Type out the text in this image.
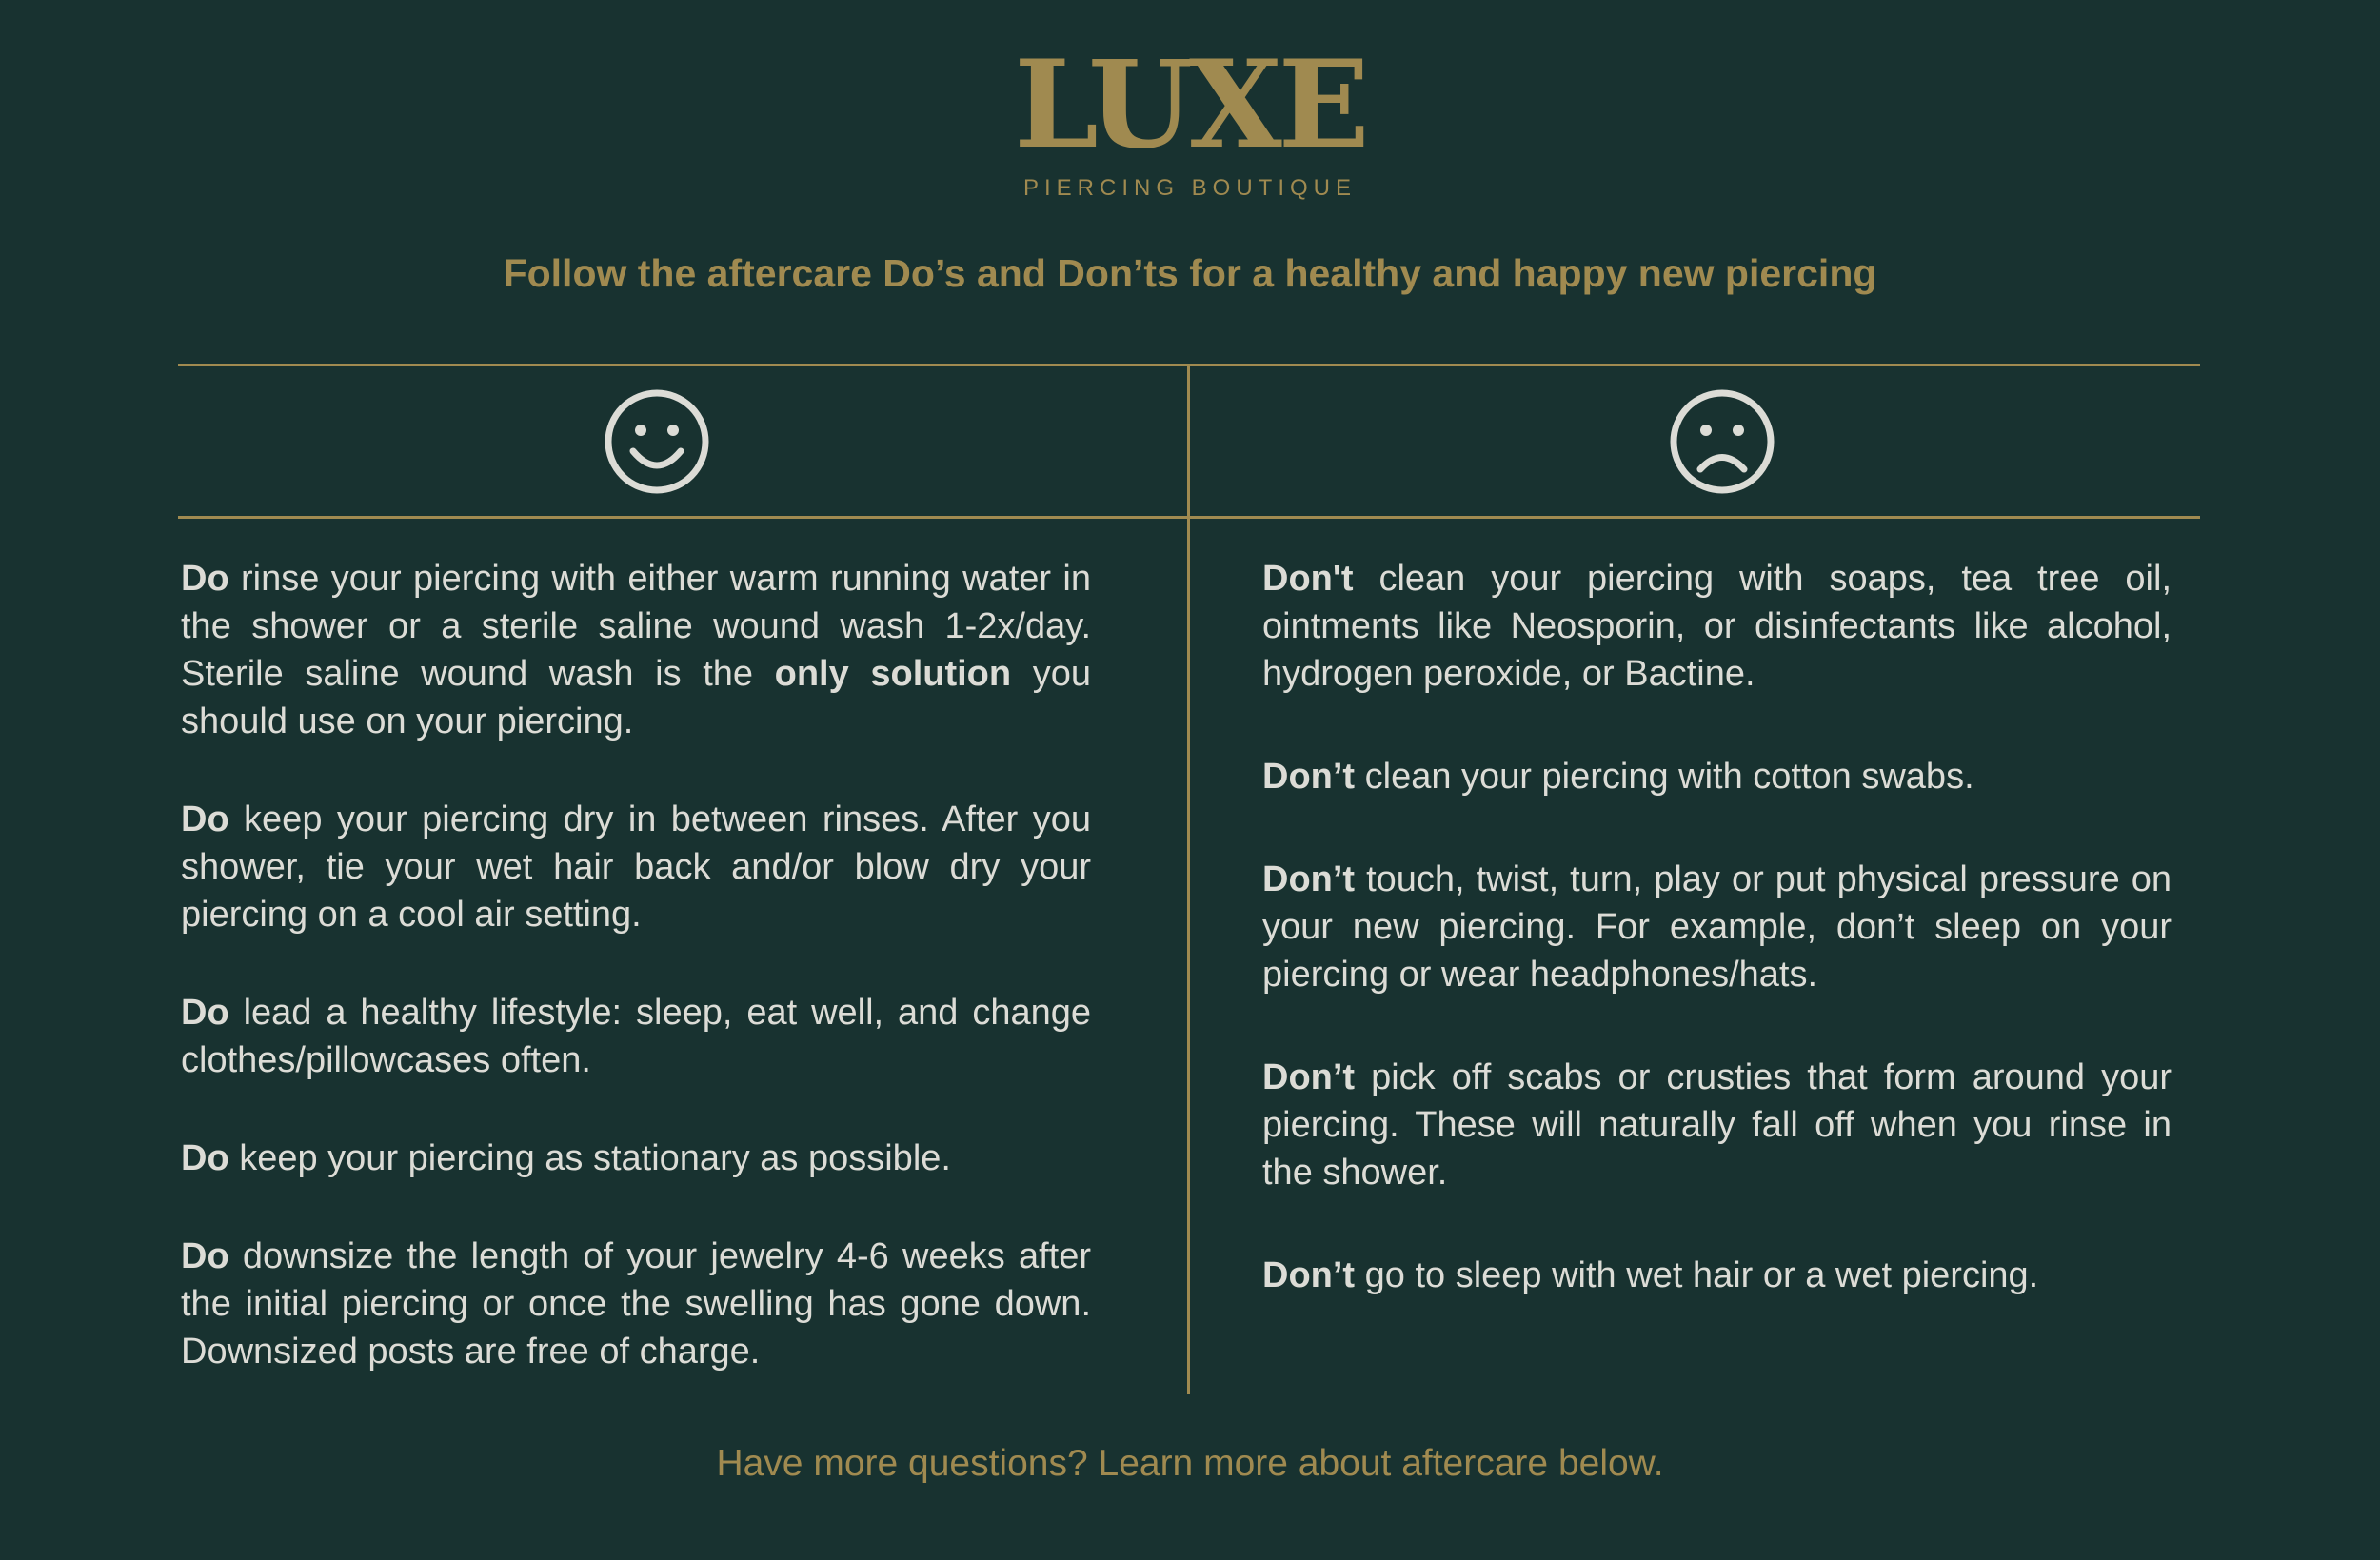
LUXE
PIERCING BOUTIQUE
Follow the aftercare Do’s and Don’ts for a healthy and happy new piercing

Do rinse your piercing with either warm running water in the shower or a sterile saline wound wash 1-2x/day. Sterile saline wound wash is the only solution you should use on your piercing.

Do keep your piercing dry in between rinses. After you shower, tie your wet hair back and/or blow dry your piercing on a cool air setting.

Do lead a healthy lifestyle: sleep, eat well, and change clothes/pillowcases often.

Do keep your piercing as stationary as possible.

Do downsize the length of your jewelry 4-6 weeks after the initial piercing or once the swelling has gone down. Downsized posts are free of charge.

Don't clean your piercing with soaps, tea tree oil, ointments like Neosporin, or disinfectants like alcohol, hydrogen peroxide, or Bactine.

Don’t clean your piercing with cotton swabs.

Don’t touch, twist, turn, play or put physical pressure on your new piercing. For example, don’t sleep on your piercing or wear headphones/hats.

Don’t pick off scabs or crusties that form around your piercing. These will naturally fall off when you rinse in the shower.

Don’t go to sleep with wet hair or a wet piercing.

Have more questions? Learn more about aftercare below.
